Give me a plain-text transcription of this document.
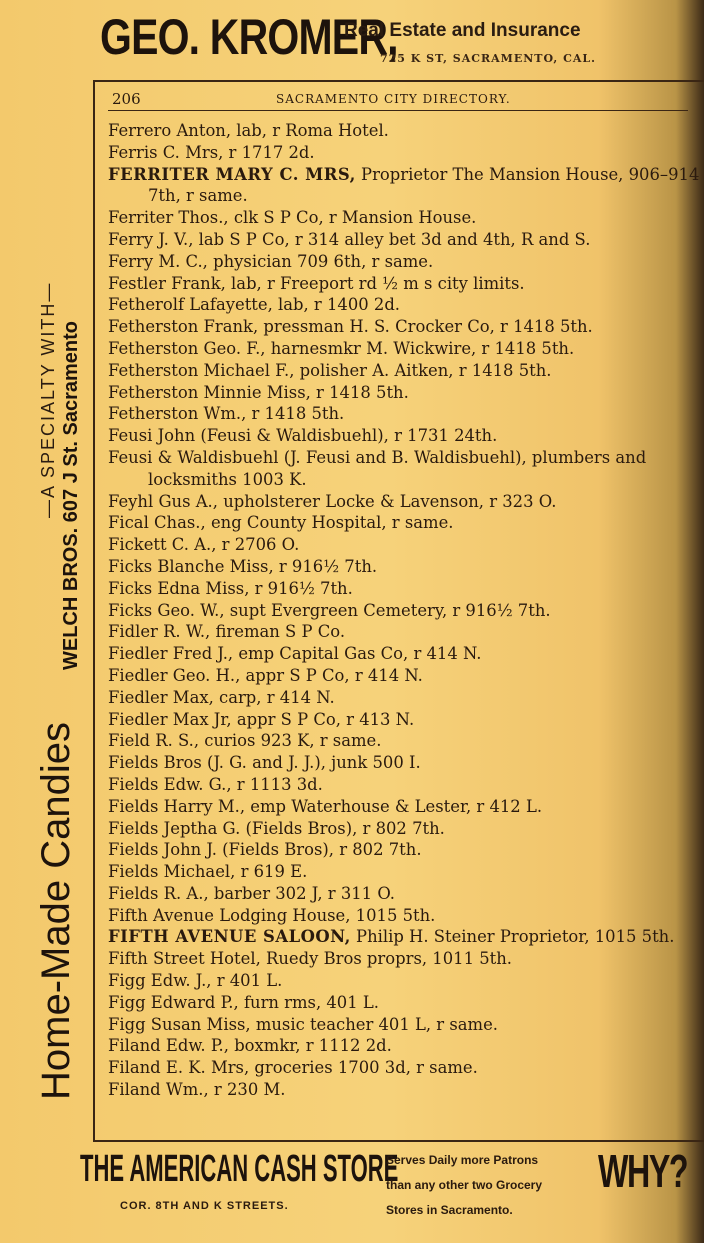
GEO. KROMER,
Real Estate and Insurance
725 K ST, SACRAMENTO, CAL.
206	SACRAMENTO CITY DIRECTORY.
Home-Made Candies
—A SPECIALTY WITH— WELCH BROS. 607 J St. Sacramento
Ferrero Anton, lab, r Roma Hotel.
Ferris C. Mrs, r 1717 2d.
FERRITER MARY C. MRS, Proprietor The Mansion House, 906–914 7th, r same.
Ferriter Thos., clk S P Co, r Mansion House.
Ferry J. V., lab S P Co, r 314 alley bet 3d and 4th, R and S.
Ferry M. C., physician 709 6th, r same.
Festler Frank, lab, r Freeport rd ½ m s city limits.
Fetherolf Lafayette, lab, r 1400 2d.
Fetherston Frank, pressman H. S. Crocker Co, r 1418 5th.
Fetherston Geo. F., harnesmkr M. Wickwire, r 1418 5th.
Fetherston Michael F., polisher A. Aitken, r 1418 5th.
Fetherston Minnie Miss, r 1418 5th.
Fetherston Wm., r 1418 5th.
Feusi John (Feusi & Waldisbuehl), r 1731 24th.
Feusi & Waldisbuehl (J. Feusi and B. Waldisbuehl), plumbers and locksmiths 1003 K.
Feyhl Gus A., upholsterer Locke & Lavenson, r 323 O.
Fical Chas., eng County Hospital, r same.
Fickett C. A., r 2706 O.
Ficks Blanche Miss, r 916½ 7th.
Ficks Edna Miss, r 916½ 7th.
Ficks Geo. W., supt Evergreen Cemetery, r 916½ 7th.
Fidler R. W., fireman S P Co.
Fiedler Fred J., emp Capital Gas Co, r 414 N.
Fiedler Geo. H., appr S P Co, r 414 N.
Fiedler Max, carp, r 414 N.
Fiedler Max Jr, appr S P Co, r 413 N.
Field R. S., curios 923 K, r same.
Fields Bros (J. G. and J. J.), junk 500 I.
Fields Edw. G., r 1113 3d.
Fields Harry M., emp Waterhouse & Lester, r 412 L.
Fields Jeptha G. (Fields Bros), r 802 7th.
Fields John J. (Fields Bros), r 802 7th.
Fields Michael, r 619 E.
Fields R. A., barber 302 J, r 311 O.
Fifth Avenue Lodging House, 1015 5th.
FIFTH AVENUE SALOON, Philip H. Steiner Proprietor, 1015 5th.
Fifth Street Hotel, Ruedy Bros proprs, 1011 5th.
Figg Edw. J., r 401 L.
Figg Edward P., furn rms, 401 L.
Figg Susan Miss, music teacher 401 L, r same.
Filand Edw. P., boxmkr, r 1112 2d.
Filand E. K. Mrs, groceries 1700 3d, r same.
Filand Wm., r 230 M.
THE AMERICAN CASH STORE
COR. 8TH AND K STREETS.
Serves Daily more Patrons
than any other two Grocery
Stores in Sacramento.
WHY?
